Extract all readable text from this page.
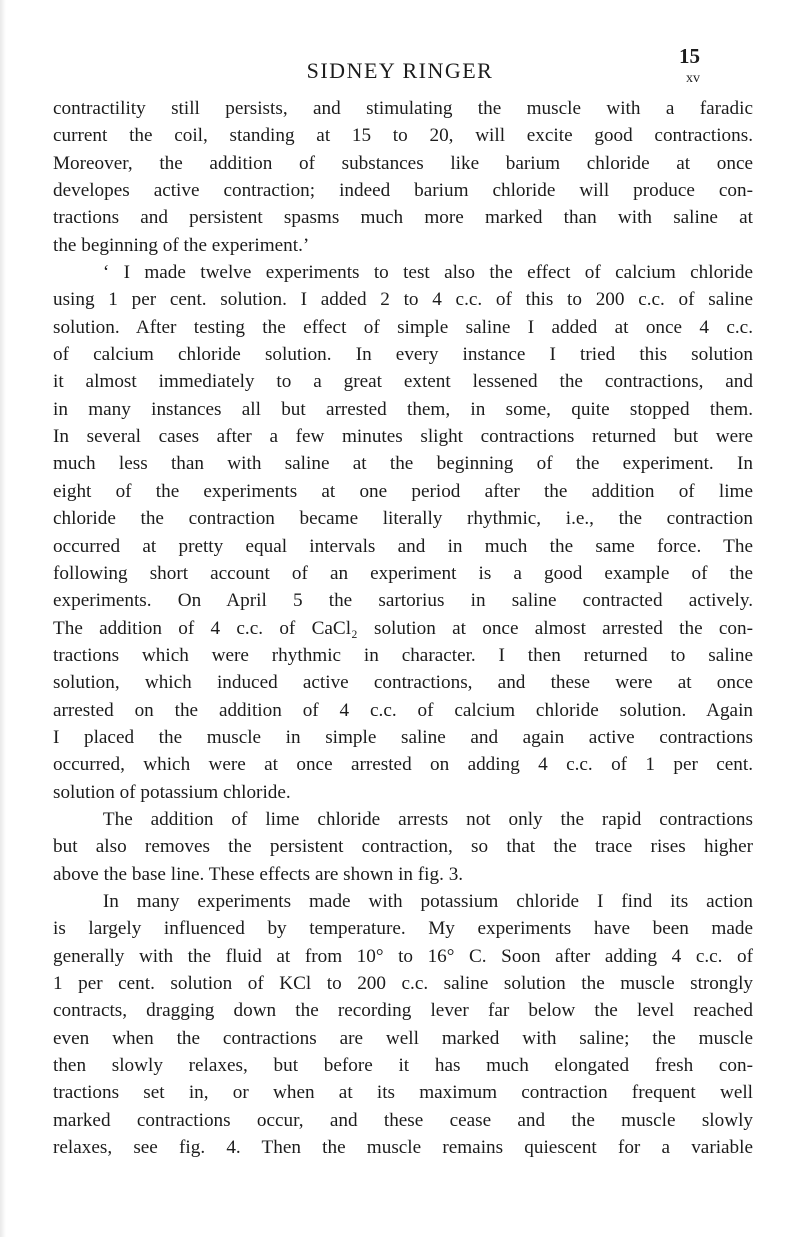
SIDNEY RINGER
15
xv
contractility still persists, and stimulating the muscle with a faradic
current the coil, standing at 15 to 20, will excite good contractions.
Moreover, the addition of substances like barium chloride at once
developes active contraction; indeed barium chloride will produce con-
tractions and persistent spasms much more marked than with saline at
the beginning of the experiment.’
‘ I made twelve experiments to test also the effect of calcium chloride
using 1 per cent. solution. I added 2 to 4 c.c. of this to 200 c.c. of saline
solution. After testing the effect of simple saline I added at once 4 c.c.
of calcium chloride solution. In every instance I tried this solution
it almost immediately to a great extent lessened the contractions, and
in many instances all but arrested them, in some, quite stopped them.
In several cases after a few minutes slight contractions returned but were
much less than with saline at the beginning of the experiment. In
eight of the experiments at one period after the addition of lime
chloride the contraction became literally rhythmic, i.e., the contraction
occurred at pretty equal intervals and in much the same force. The
following short account of an experiment is a good example of the
experiments. On April 5 the sartorius in saline contracted actively.
The addition of 4 c.c. of CaCl₂ solution at once almost arrested the con-
tractions which were rhythmic in character. I then returned to saline
solution, which induced active contractions, and these were at once
arrested on the addition of 4 c.c. of calcium chloride solution. Again
I placed the muscle in simple saline and again active contractions
occurred, which were at once arrested on adding 4 c.c. of 1 per cent.
solution of potassium chloride.
The addition of lime chloride arrests not only the rapid contractions
but also removes the persistent contraction, so that the trace rises higher
above the base line. These effects are shown in fig. 3.
In many experiments made with potassium chloride I find its action
is largely influenced by temperature. My experiments have been made
generally with the fluid at from 10° to 16° C. Soon after adding 4 c.c. of
1 per cent. solution of KCl to 200 c.c. saline solution the muscle strongly
contracts, dragging down the recording lever far below the level reached
even when the contractions are well marked with saline; the muscle
then slowly relaxes, but before it has much elongated fresh con-
tractions set in, or when at its maximum contraction frequent well
marked contractions occur, and these cease and the muscle slowly
relaxes, see fig. 4. Then the muscle remains quiescent for a variable
